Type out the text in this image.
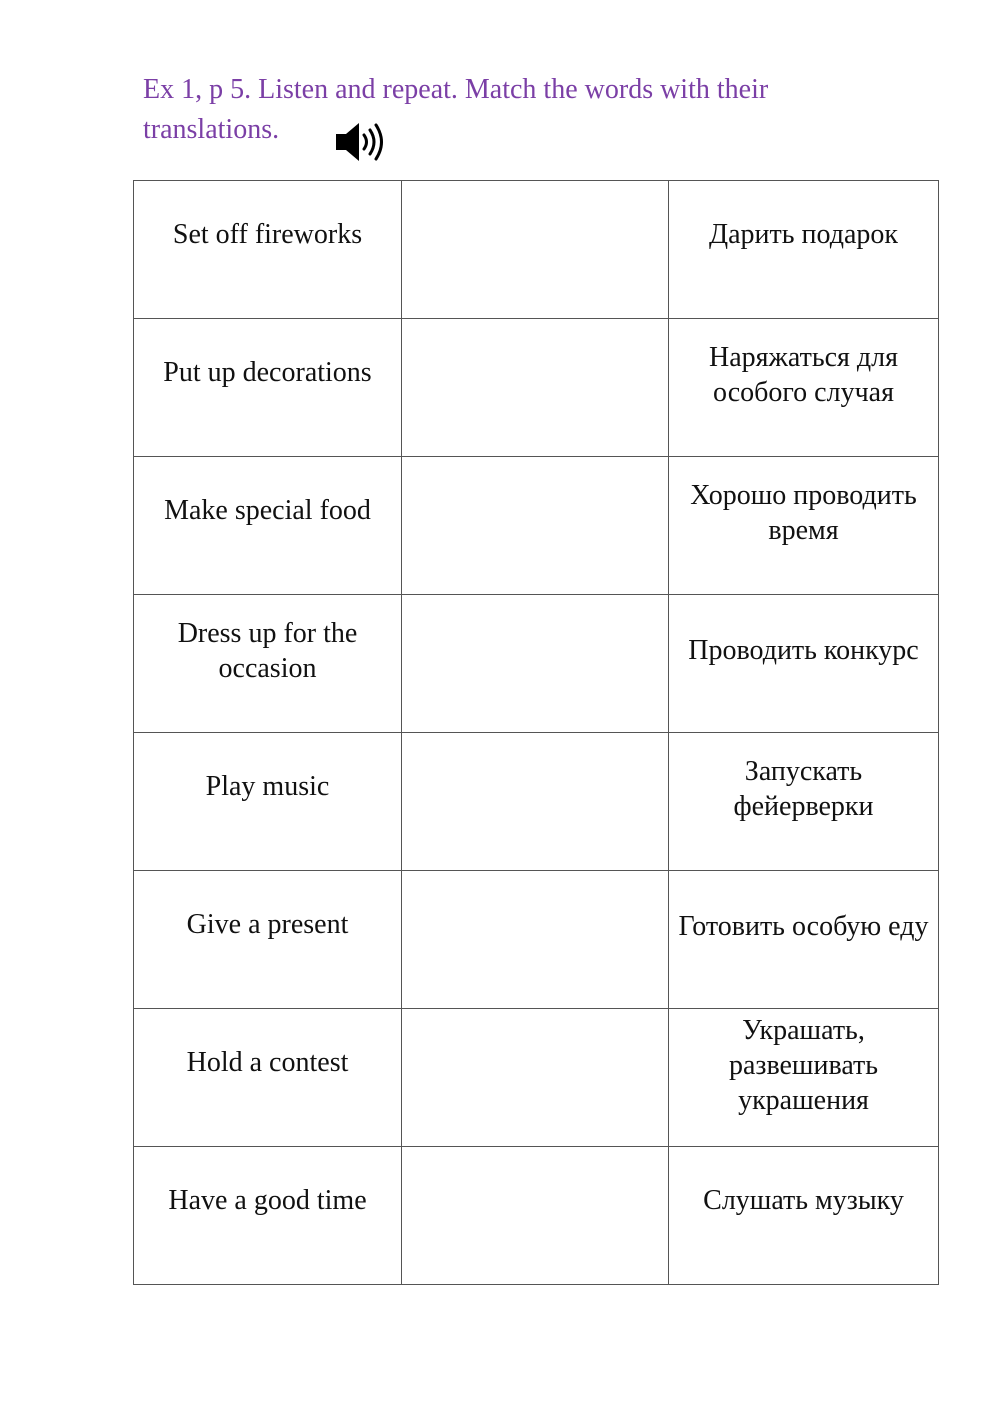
Ex 1, p 5. Listen and repeat. Match the words with their translations.

Set off fireworks		Дарить подарок

Put up decorations		Наряжаться для особого случая

Make special food		Хорошо проводить время

Dress up for the occasion		Проводить конкурс

Play music		Запускать фейерверки

Give a present		Готовить особую еду

Hold a contest		Украшать, развешивать украшения

Have a good time		Слушать музыку
